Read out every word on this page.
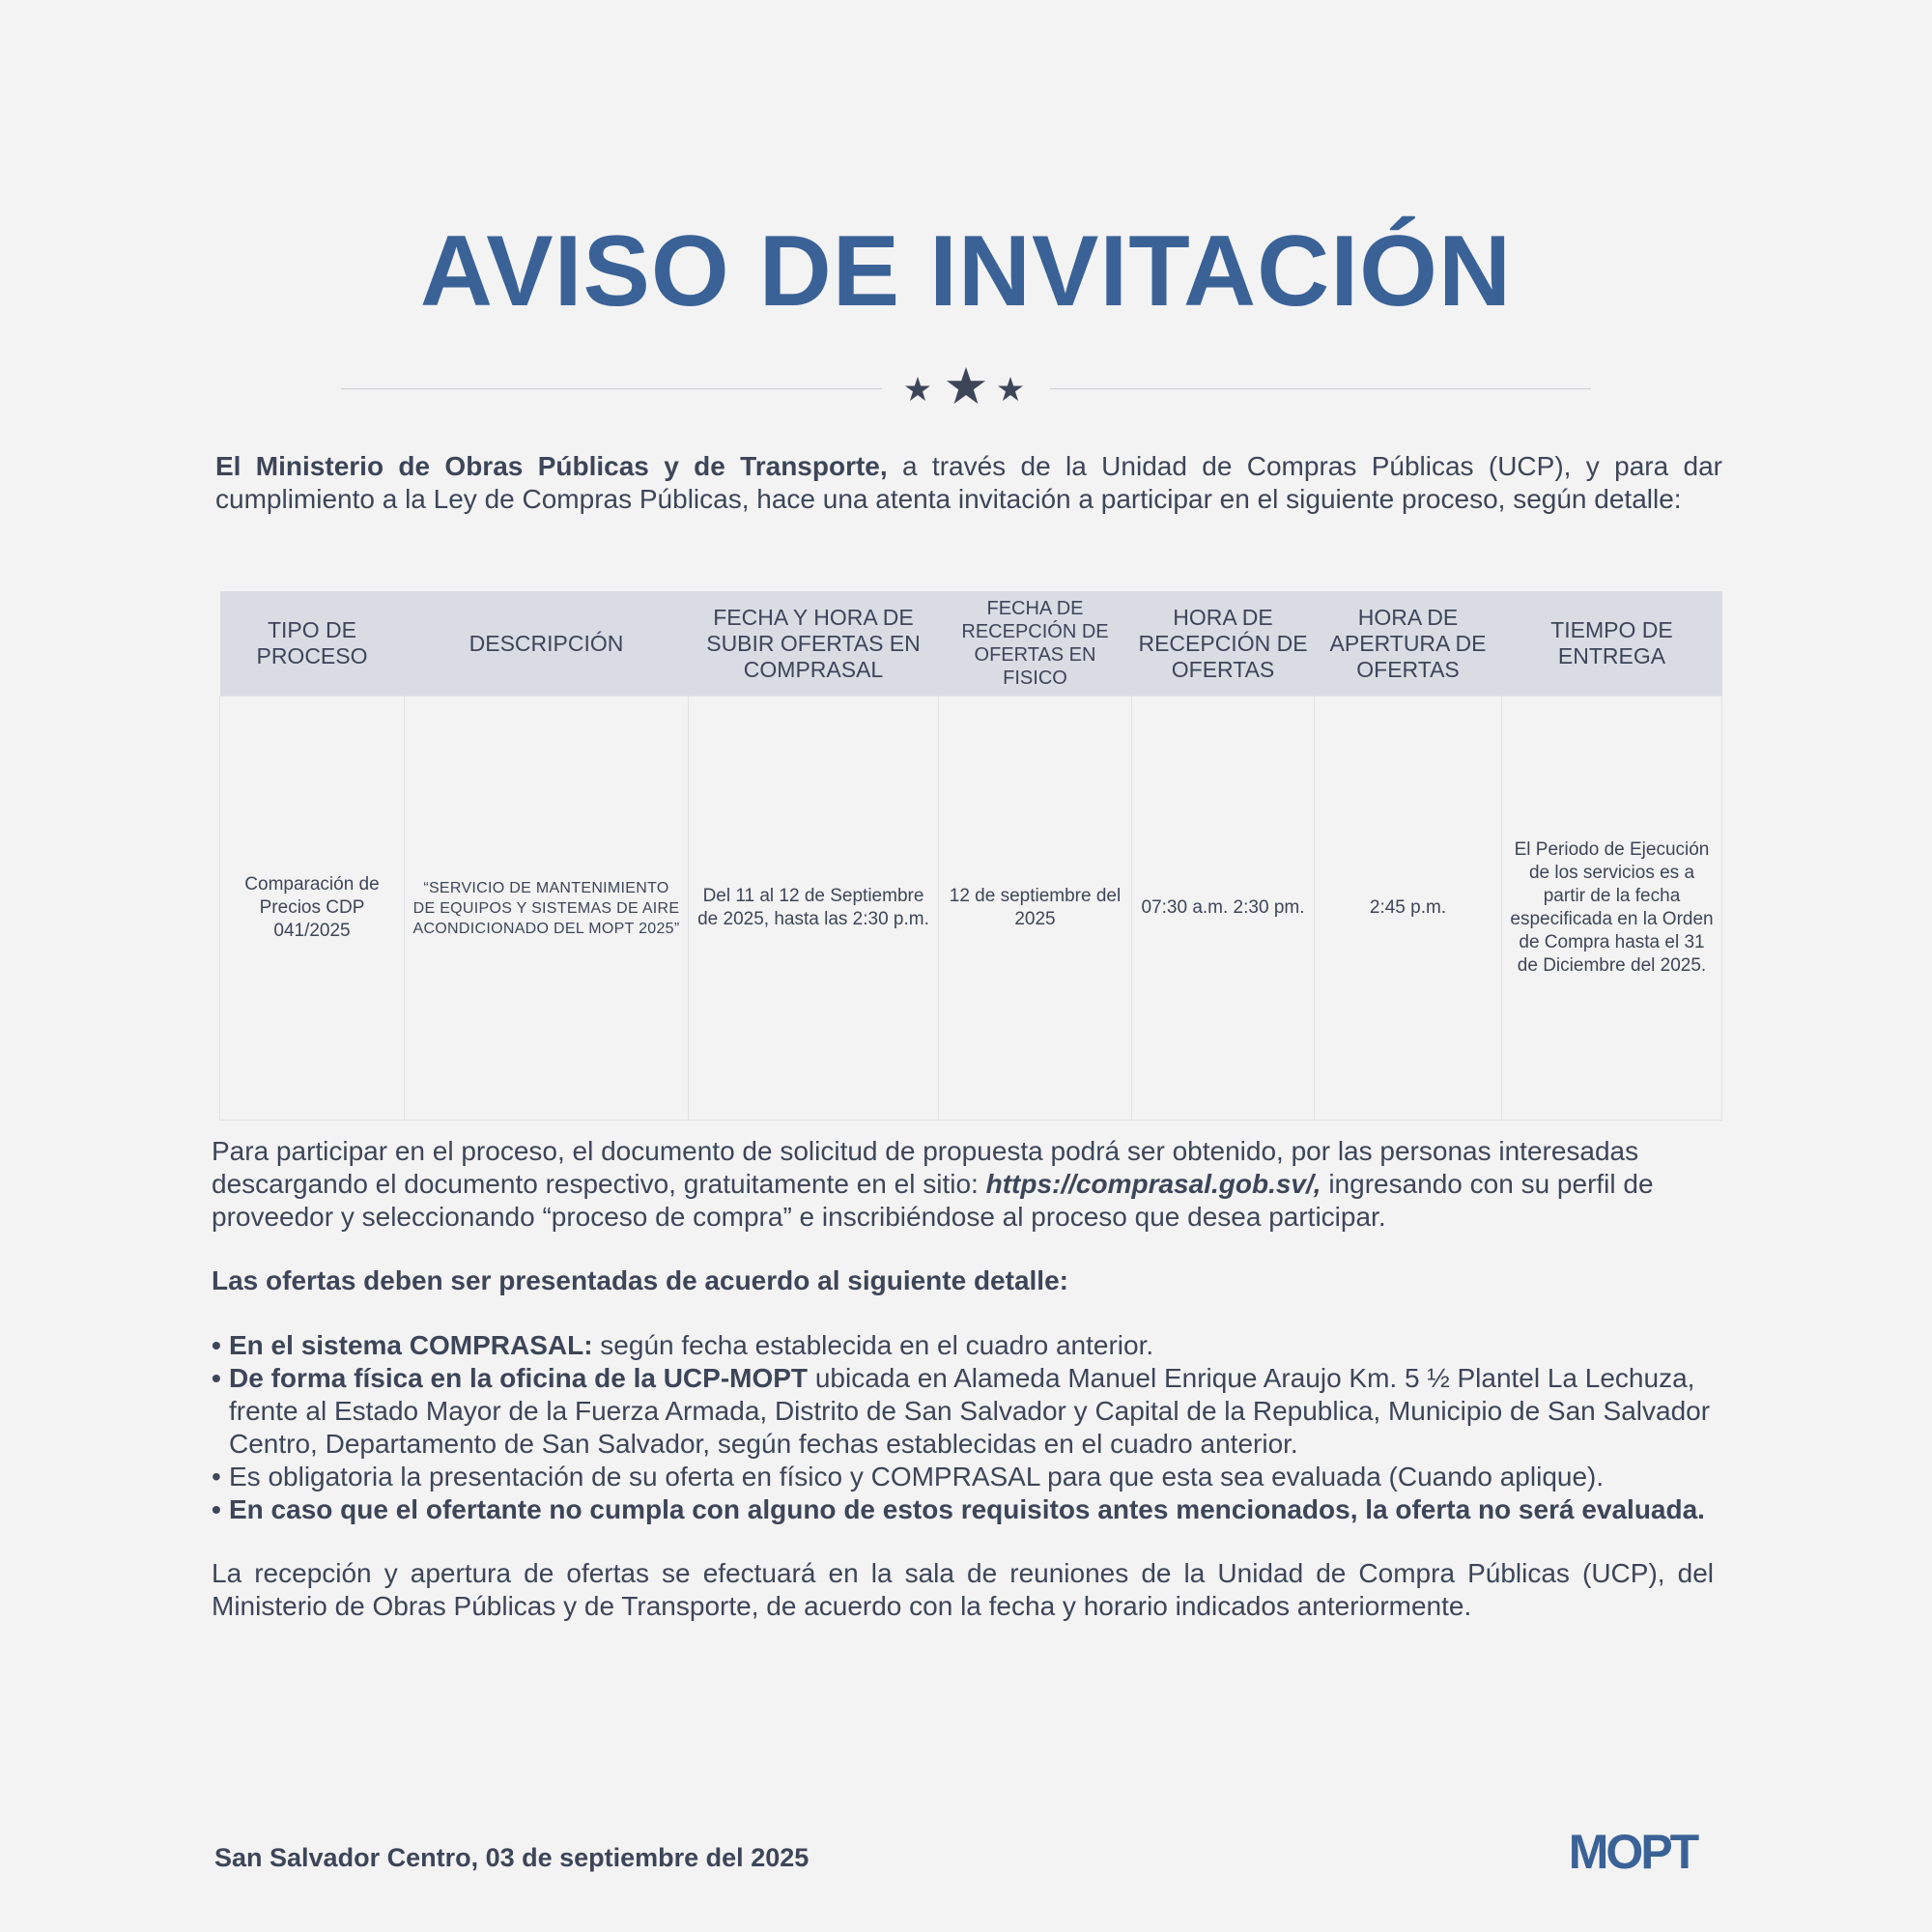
AVISO DE INVITACIÓN

El Ministerio de Obras Públicas y de Transporte, a través de la Unidad de Compras Públicas (UCP), y para dar cumplimiento a la Ley de Compras Públicas, hace una atenta invitación a participar en el siguiente proceso, según detalle:

TIPO DE PROCESO	DESCRIPCIÓN	FECHA Y HORA DE SUBIR OFERTAS EN COMPRASAL	FECHA DE RECEPCIÓN DE OFERTAS EN FISICO	HORA DE RECEPCIÓN DE OFERTAS	HORA DE APERTURA DE OFERTAS	TIEMPO DE ENTREGA
Comparación de Precios CDP 041/2025	“SERVICIO DE MANTENIMIENTO DE EQUIPOS Y SISTEMAS DE AIRE ACONDICIONADO DEL MOPT 2025”	Del 11 al 12 de Septiembre de 2025, hasta las 2:30 p.m.	12 de septiembre del 2025	07:30 a.m. 2:30 pm.	2:45 p.m.	El Periodo de Ejecución de los servicios es a partir de la fecha especificada en la Orden de Compra hasta el 31 de Diciembre del 2025.

Para participar en el proceso, el documento de solicitud de propuesta podrá ser obtenido, por las personas interesadas descargando el documento respectivo, gratuitamente en el sitio: https://comprasal.gob.sv/, ingresando con su perfil de proveedor y seleccionando “proceso de compra” e inscribiéndose al proceso que desea participar.

Las ofertas deben ser presentadas de acuerdo al siguiente detalle:

• En el sistema COMPRASAL: según fecha establecida en el cuadro anterior.
• De forma física en la oficina de la UCP-MOPT ubicada en Alameda Manuel Enrique Araujo Km. 5 ½ Plantel La Lechuza, frente al Estado Mayor de la Fuerza Armada, Distrito de San Salvador y Capital de la Republica, Municipio de San Salvador Centro, Departamento de San Salvador, según fechas establecidas en el cuadro anterior.
• Es obligatoria la presentación de su oferta en físico y COMPRASAL para que esta sea evaluada (Cuando aplique).
• En caso que el ofertante no cumpla con alguno de estos requisitos antes mencionados, la oferta no será evaluada.

La recepción y apertura de ofertas se efectuará en la sala de reuniones de la Unidad de Compra Públicas (UCP), del Ministerio de Obras Públicas y de Transporte, de acuerdo con la fecha y horario indicados anteriormente.

San Salvador Centro, 03 de septiembre del 2025	MOPT
